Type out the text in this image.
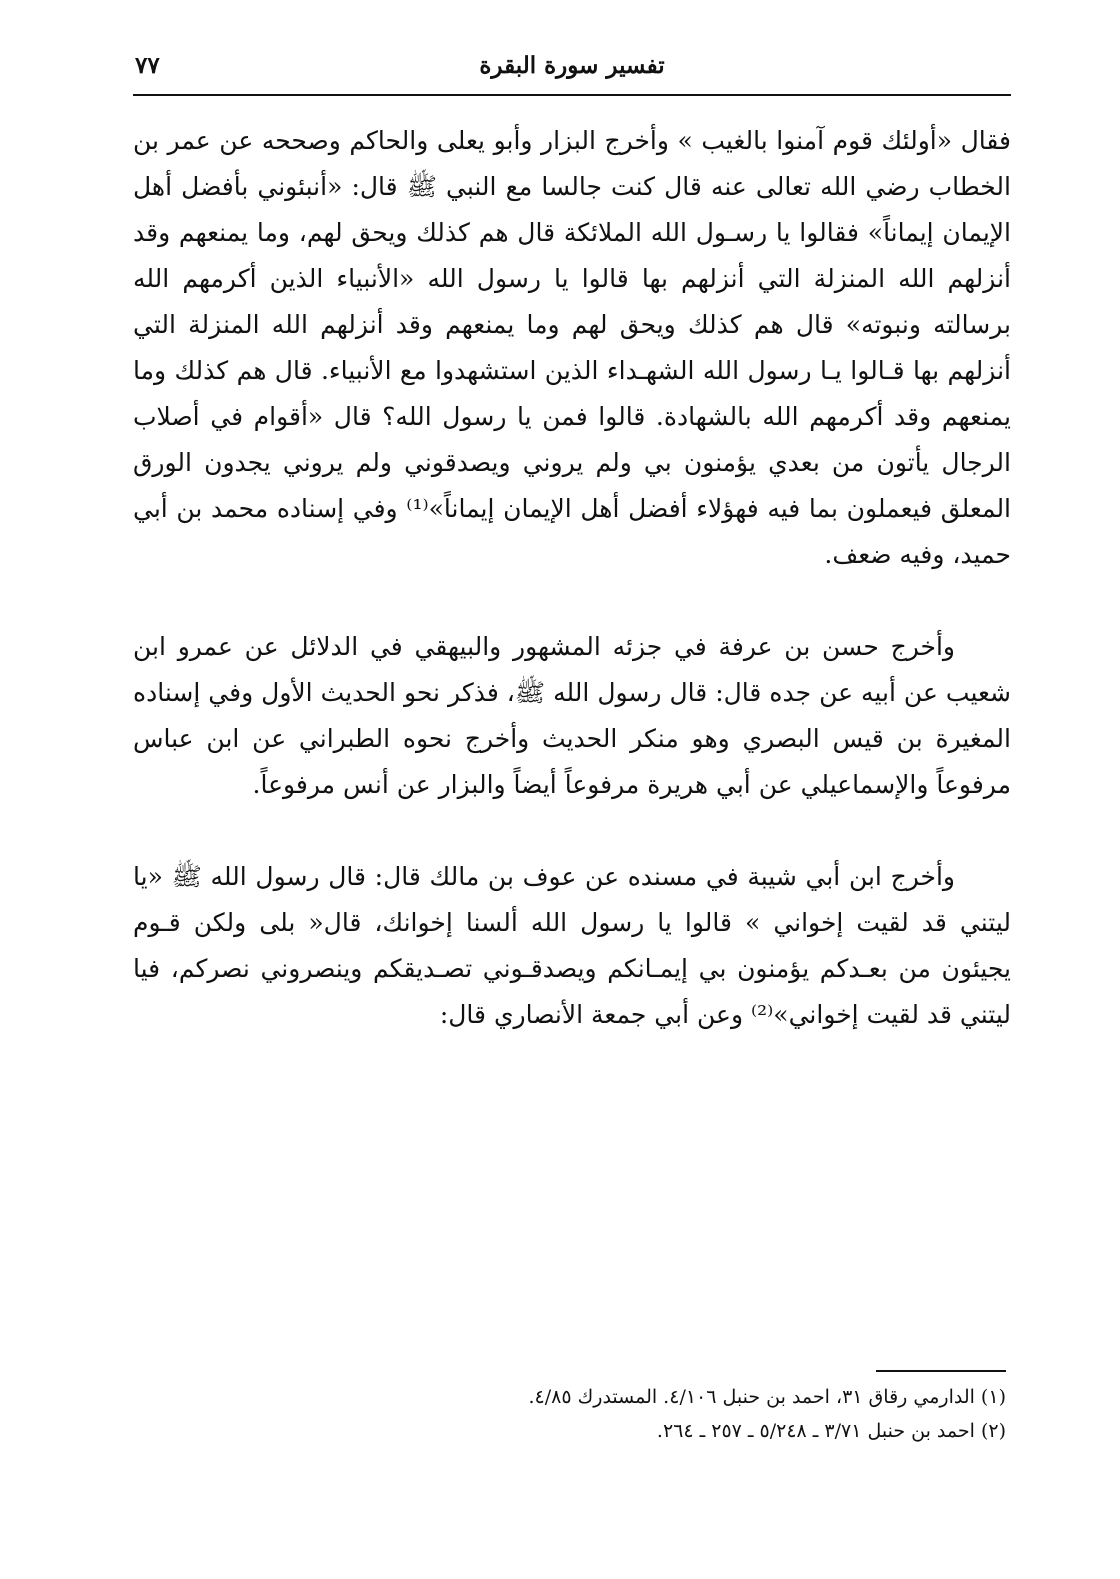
تفسير سورة البقرة
٧٧

فقال «أولئك قوم آمنوا بالغيب » وأخرج البزار وأبو يعلى والحاكم وصححه عن عمر بن الخطاب رضي الله تعالى عنه قال كنت جالسا مع النبي ﷺ قال: «أنبئوني بأفضل أهل الإيمان إيماناً» فقالوا يا رسـول الله الملائكة قال هم كذلك ويحق لهم، وما يمنعهم وقد أنزلهم الله المنزلة التي أنزلهم بها قالوا يا رسول الله «الأنبياء الذين أكرمهم الله برسالته ونبوته» قال هم كذلك ويحق لهم وما يمنعهم وقد أنزلهم الله المنزلة التي أنزلهم بها قـالوا يـا رسول الله الشهـداء الذين استشهدوا مع الأنبياء. قال هم كذلك وما يمنعهم وقد أكرمهم الله بالشهادة. قالوا فمن يا رسول الله؟ قال «أقوام في أصلاب الرجال يأتون من بعدي يؤمنون بي ولم يروني ويصدقوني ولم يروني يجدون الورق المعلق فيعملون بما فيه فهؤلاء أفضل أهل الإيمان إيماناً»⁽¹⁾ وفي إسناده محمد بن أبي حميد، وفيه ضعف.

وأخرج حسن بن عرفة في جزئه المشهور والبيهقي في الدلائل عن عمرو ابن شعيب عن أبيه عن جده قال: قال رسول الله ﷺ، فذكر نحو الحديث الأول وفي إسناده المغيرة بن قيس البصري وهو منكر الحديث وأخرج نحوه الطبراني عن ابن عباس مرفوعاً والإسماعيلي عن أبي هريرة مرفوعاً أيضاً والبزار عن أنس مرفوعاً.

وأخرج ابن أبي شيبة في مسنده عن عوف بن مالك قال: قال رسول الله ﷺ «يا ليتني قد لقيت إخواني » قالوا يا رسول الله ألسنا إخوانك، قال« بلى ولكن قـوم يجيئون من بعـدكم يؤمنون بي إيمـانكم ويصدقـوني تصـديقكم وينصروني نصركم، فيا ليتني قد لقيت إخواني»⁽²⁾ وعن أبي جمعة الأنصاري قال:

(١) الدارمي رقاق ٣١، احمد بن حنبل ٤/١٠٦. المستدرك ٤/٨٥.

(٢) احمد بن حنبل ٣/٧١ ـ ٥/٢٤٨ ـ ٢٥٧ ـ ٢٦٤.
